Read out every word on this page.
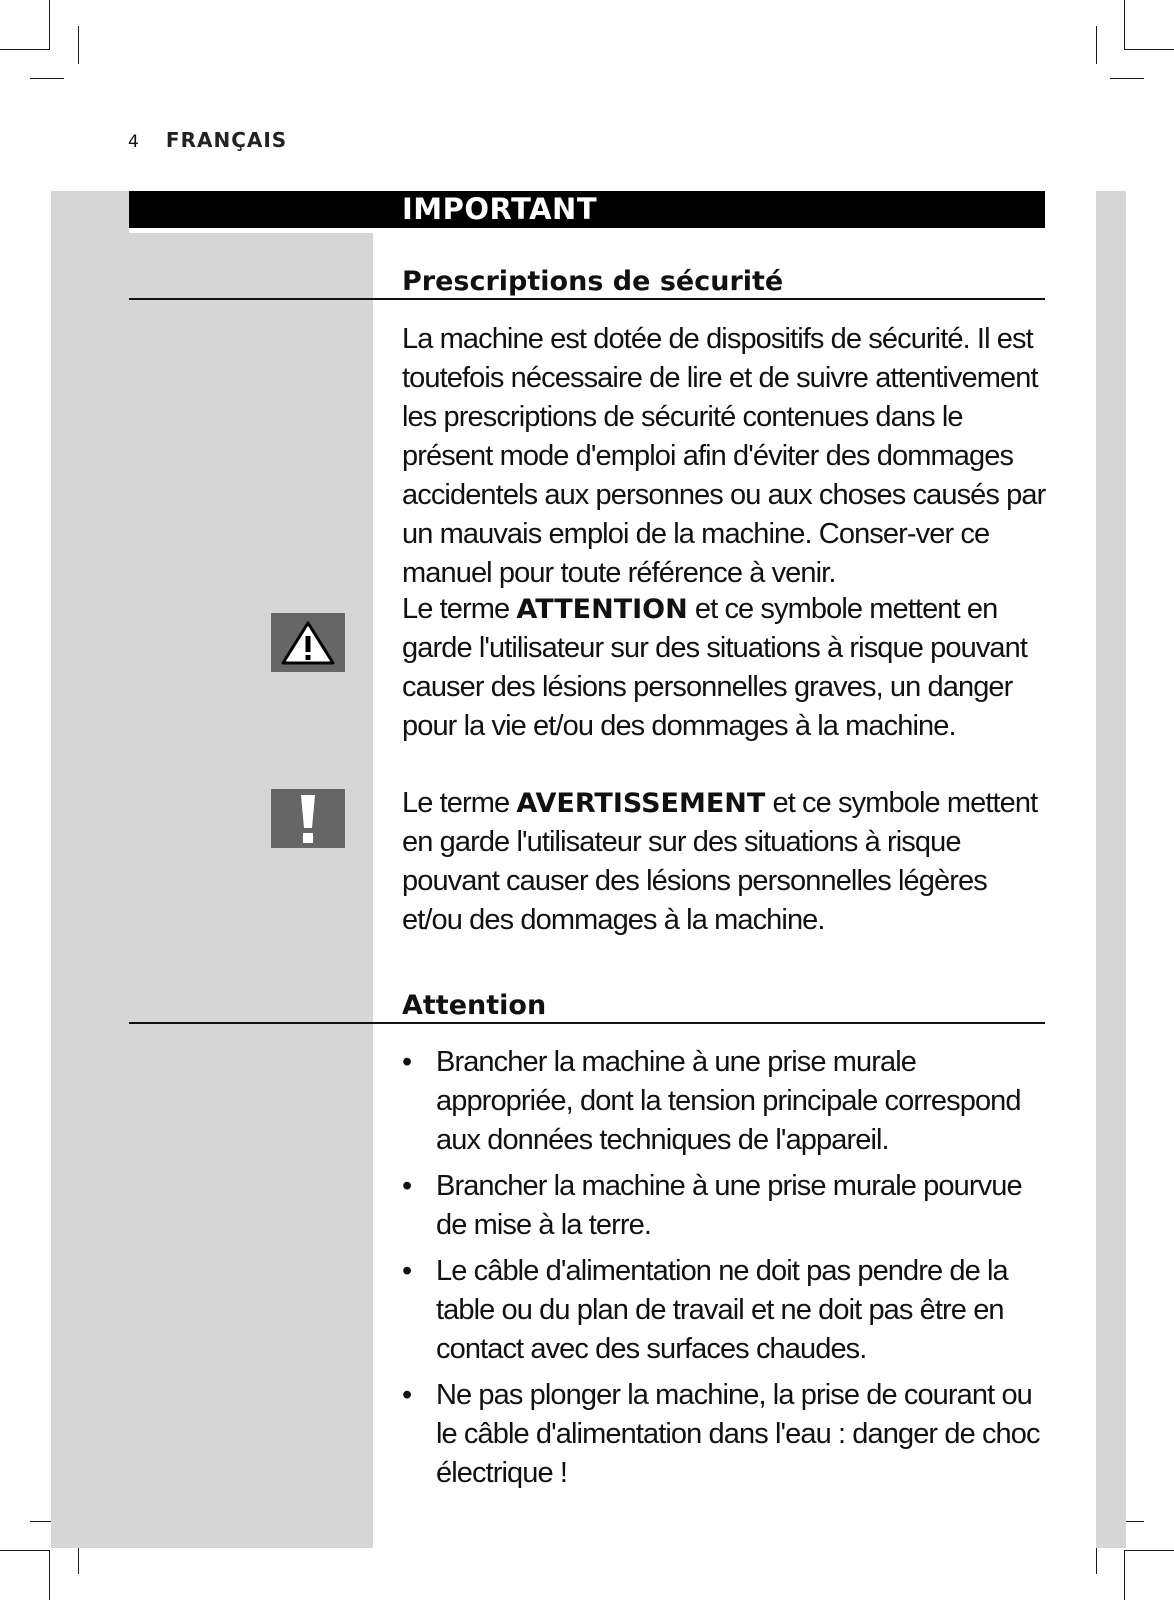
4 FRANÇAIS
IMPORTANT
Prescriptions de sécurité

La machine est dotée de dispositifs de sécurité. Il est toutefois nécessaire de lire et de suivre attentivement les prescriptions de sécurité contenues dans le présent mode d'emploi afin d'éviter des dommages accidentels aux personnes ou aux choses causés par un mauvais emploi de la machine. Conser-ver ce manuel pour toute référence à venir.

Le terme ATTENTION et ce symbole mettent en garde l'utilisateur sur des situations à risque pouvant causer des lésions personnelles graves, un danger pour la vie et/ou des dommages à la machine.

Le terme AVERTISSEMENT et ce symbole mettent en garde l'utilisateur sur des situations à risque pouvant causer des lésions personnelles légères et/ou des dommages à la machine.

Attention
• Brancher la machine à une prise murale appropriée, dont la tension principale correspond aux données techniques de l'appareil.
• Brancher la machine à une prise murale pourvue de mise à la terre.
• Le câble d'alimentation ne doit pas pendre de la table ou du plan de travail et ne doit pas être en contact avec des surfaces chaudes.
• Ne pas plonger la machine, la prise de courant ou le câble d'alimentation dans l'eau : danger de choc électrique !
